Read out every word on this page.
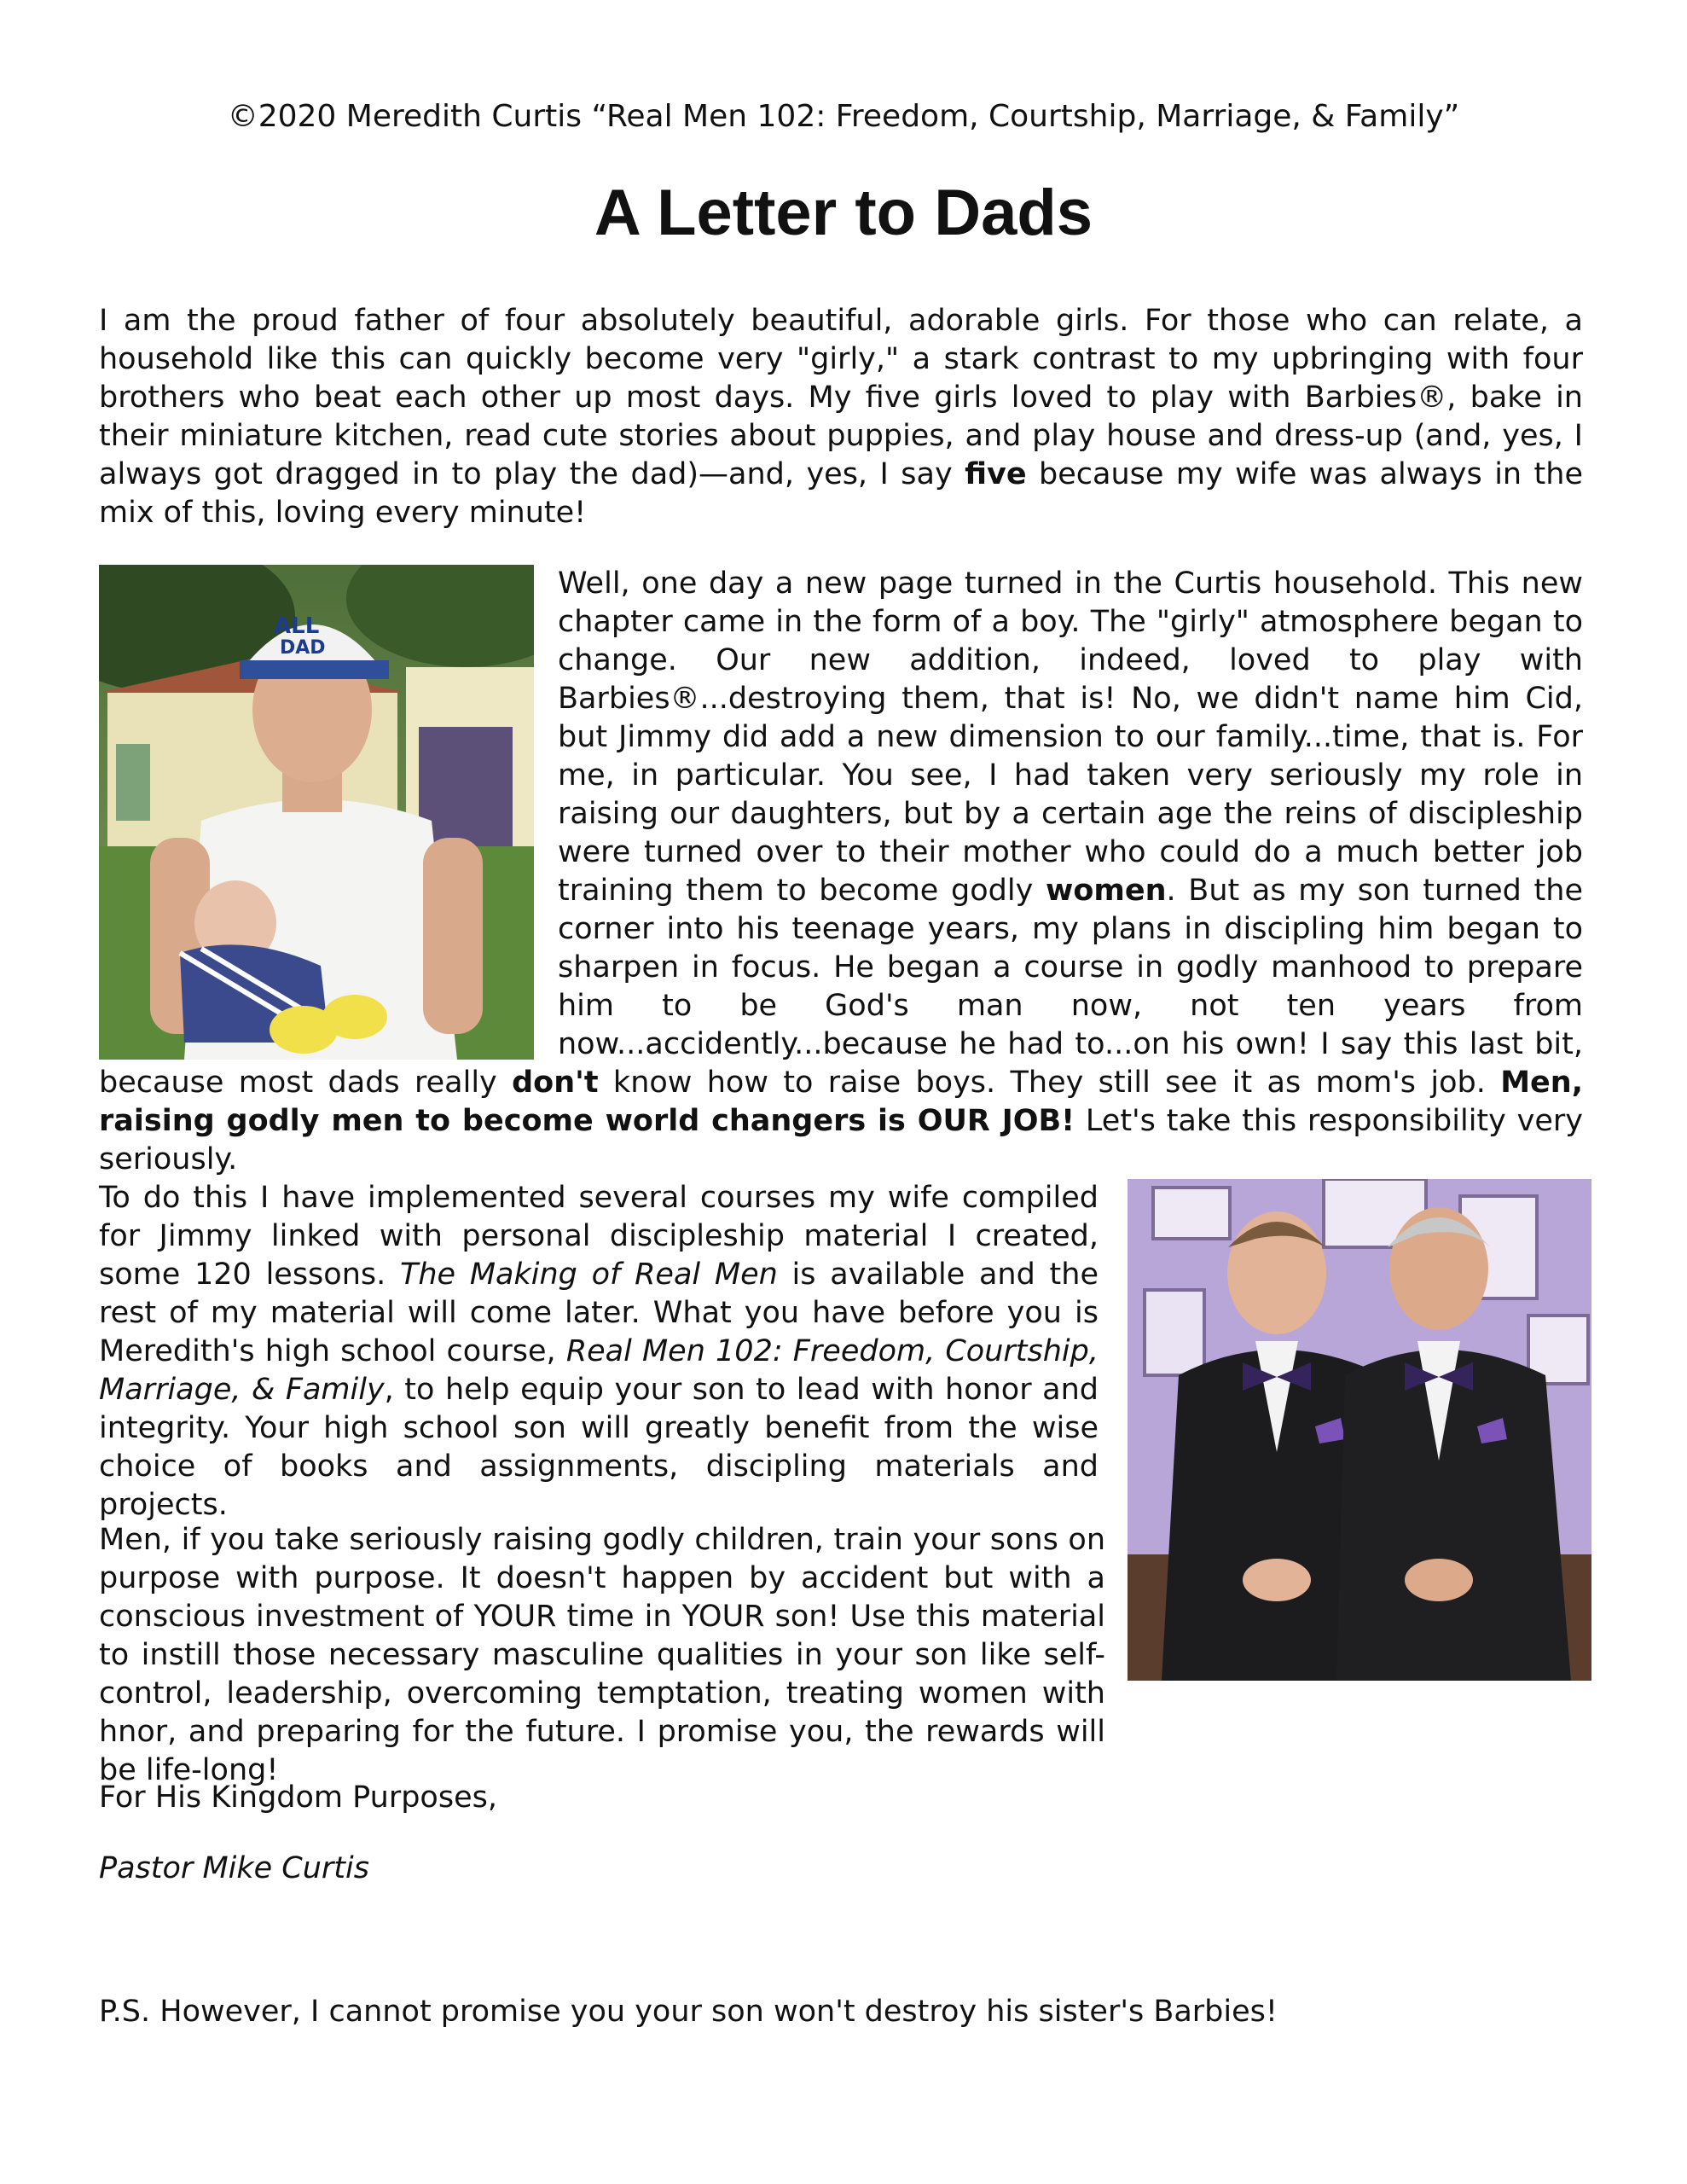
©2020 Meredith Curtis “Real Men 102: Freedom, Courtship, Marriage, & Family”
A Letter to Dads

I am the proud father of four absolutely beautiful, adorable girls. For those who can relate, a household like this can quickly become very "girly," a stark contrast to my upbringing with four brothers who beat each other up most days. My five girls loved to play with Barbies®, bake in their miniature kitchen, read cute stories about puppies, and play house and dress-up (and, yes, I always got dragged in to play the dad)—and, yes, I say five because my wife was always in the mix of this, loving every minute!

ALL
DAD
Well, one day a new page turned in the Curtis household. This new chapter came in the form of a boy. The "girly" atmosphere began to change. Our new addition, indeed, loved to play with Barbies®...destroying them, that is! No, we didn't name him Cid, but Jimmy did add a new dimension to our family...time, that is. For me, in particular. You see, I had taken very seriously my role in raising our daughters, but by a certain age the reins of discipleship were turned over to their mother who could do a much better job training them to become godly women. But as my son turned the corner into his teenage years, my plans in discipling him began to sharpen in focus. He began a course in godly manhood to prepare him to be God's man now, not ten years from now...accidently...because he had to...on his own! I say this last bit, because most dads really don't know how to raise boys. They still see it as mom's job. Men, raising godly men to become world changers is OUR JOB! Let's take this responsibility very seriously.
To do this I have implemented several courses my wife compiled for Jimmy linked with personal discipleship material I created, some 120 lessons. The Making of Real Men is available and the rest of my material will come later. What you have before you is Meredith's high school course, Real Men 102: Freedom, Courtship, Marriage, & Family, to help equip your son to lead with honor and integrity. Your high school son will greatly benefit from the wise choice of books and assignments, discipling materials and projects.

Men, if you take seriously raising godly children, train your sons on purpose with purpose. It doesn't happen by accident but with a conscious investment of YOUR time in YOUR son! Use this material to instill those necessary masculine qualities in your son like self-control, leadership, overcoming temptation, treating women with hnor, and preparing for the future. I promise you, the rewards will be life-long!

For His Kingdom Purposes,

Pastor Mike Curtis

P.S. However, I cannot promise you your son won't destroy his sister's Barbies!
